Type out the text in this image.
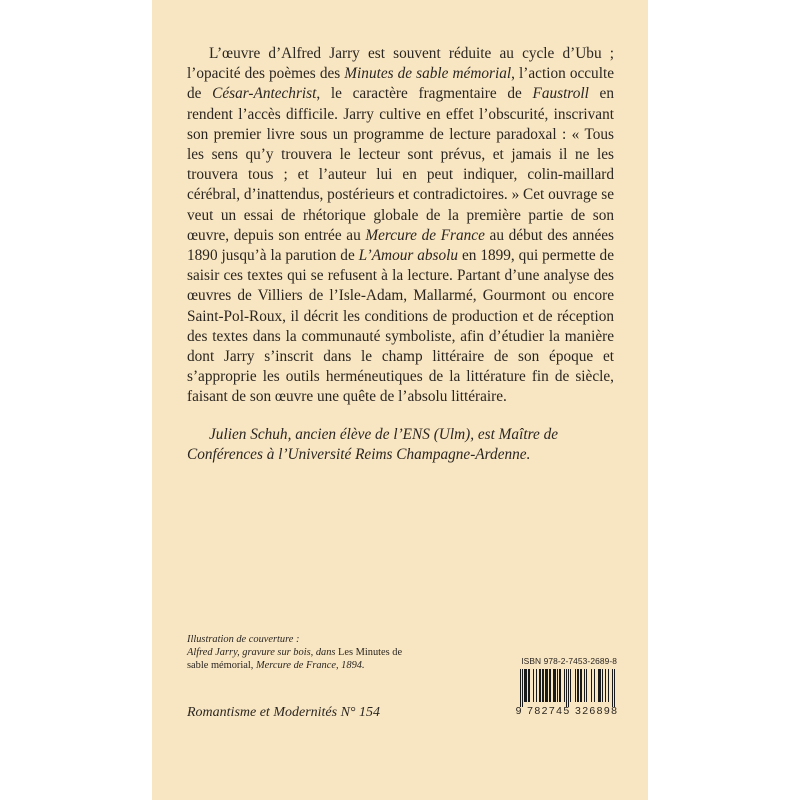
L’œuvre d’Alfred Jarry est souvent réduite au cycle d’Ubu ; l’opacité des poèmes des Minutes de sable mémorial, l’action occulte de César-Antechrist, le caractère fragmentaire de Faustroll en rendent l’accès difficile. Jarry cultive en effet l’obscurité, inscrivant son premier livre sous un programme de lecture paradoxal : « Tous les sens qu’y trouvera le lecteur sont prévus, et jamais il ne les trouvera tous ; et l’auteur lui en peut indiquer, colin-maillard cérébral, d’inattendus, postérieurs et contradictoires. » Cet ouvrage se veut un essai de rhétorique globale de la première partie de son œuvre, depuis son entrée au Mercure de France au début des années 1890 jusqu’à la parution de L’Amour absolu en 1899, qui permette de saisir ces textes qui se refusent à la lecture. Partant d’une analyse des œuvres de Villiers de l’Isle-Adam, Mallarmé, Gourmont ou encore Saint-Pol-Roux, il décrit les conditions de production et de réception des textes dans la communauté symboliste, afin d’étudier la manière dont Jarry s’inscrit dans le champ littéraire de son époque et s’approprie les outils herméneutiques de la littérature fin de siècle, faisant de son œuvre une quête de l’absolu littéraire.

Julien Schuh, ancien élève de l’ENS (Ulm), est Maître de Conférences à l’Université Reims Champagne-Ardenne.

Illustration de couverture :
Alfred Jarry, gravure sur bois, dans Les Minutes de sable mémorial, Mercure de France, 1894.

Romantisme et Modernités N° 154

ISBN 978-2-7453-2689-8
9 782745 326898
